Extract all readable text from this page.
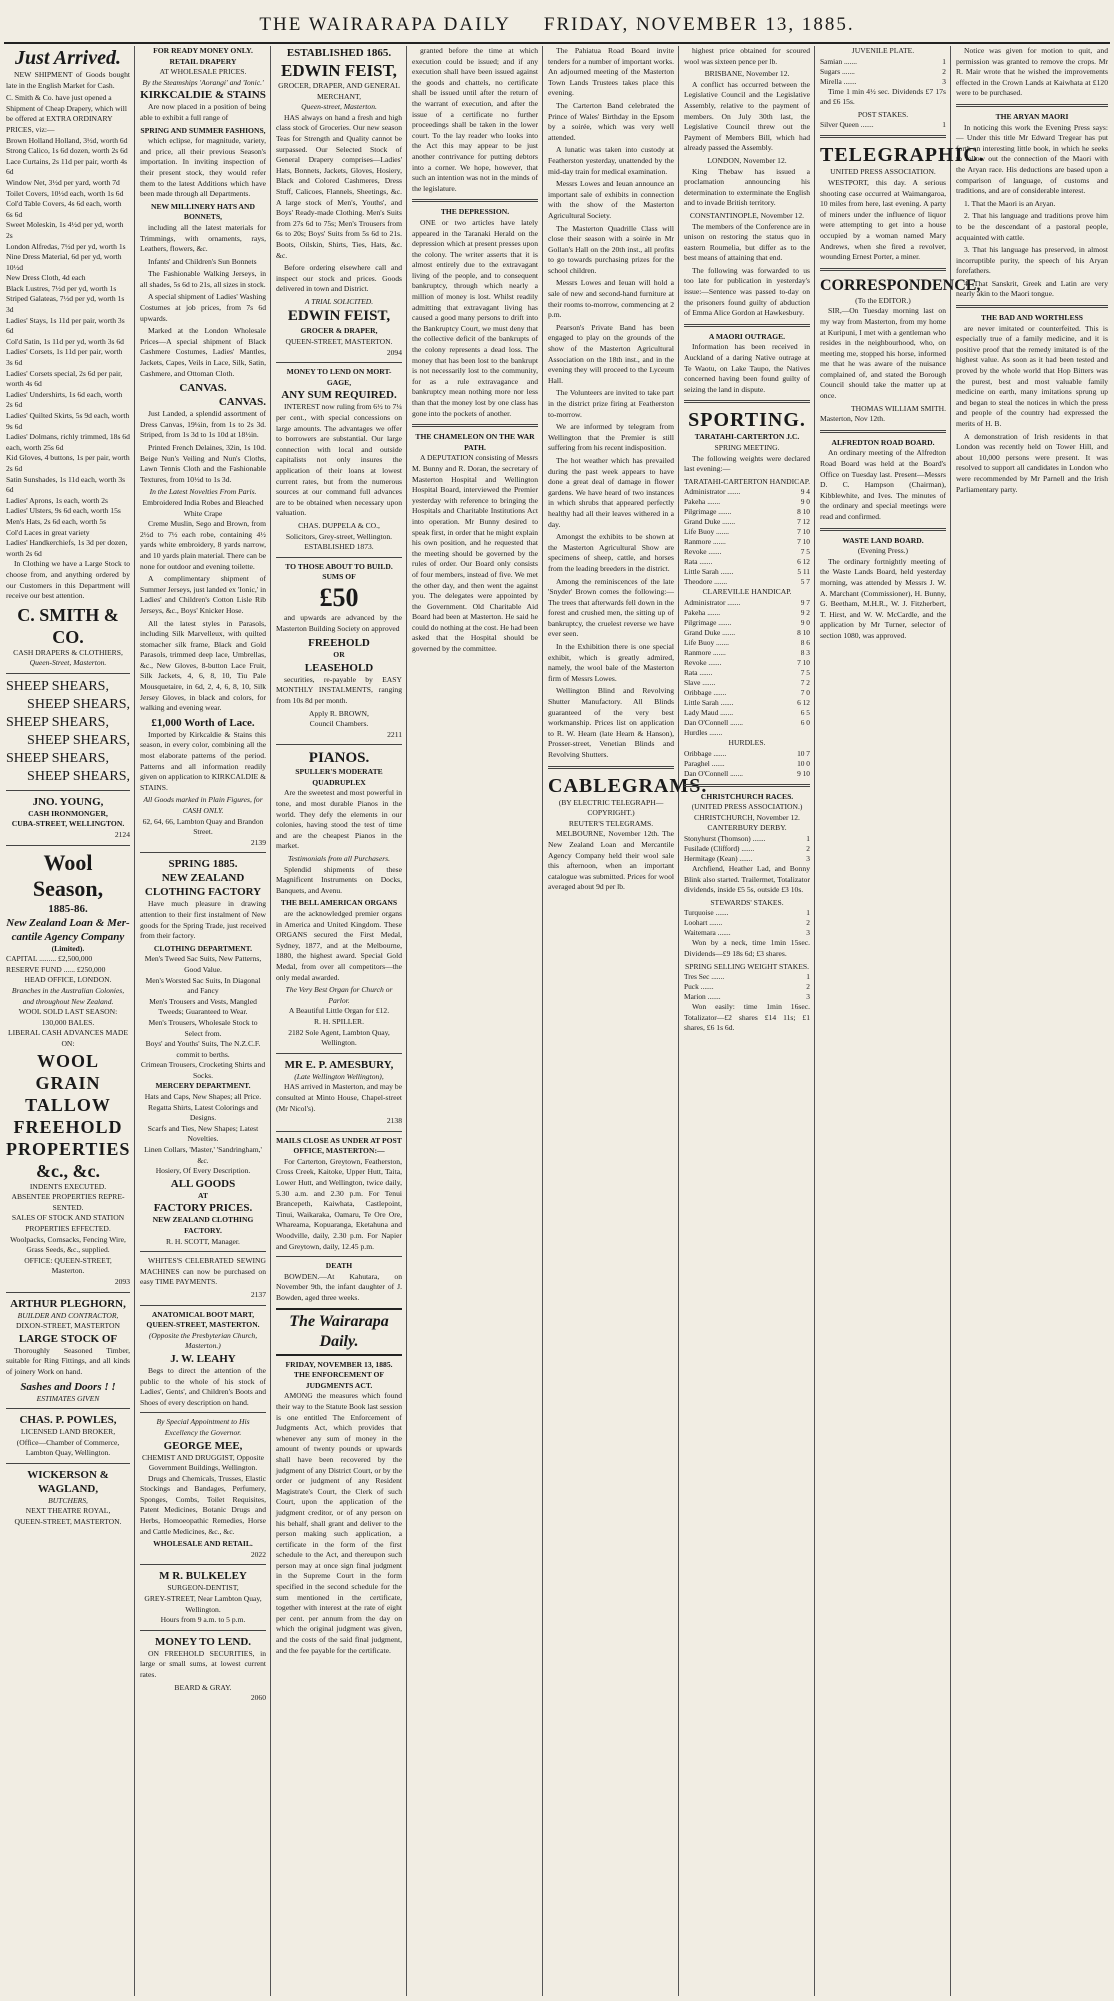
THE WAIRARAPA DAILY FRIDAY, NOVEMBER 13, 1885.
Just Arrived.
NEW SHIPMENT of Goods bought late in the English Market for Cash.
C. Smith & Co. have just opened a Shipment of Cheap Drapery, which will be offered at EXTRA ORDINARY PRICES, viz:—
Brown Holland Holland, 3½d, worth 6d
Strong Calico, 1s 6d dozen, worth 2s 6d
Lace Curtains, 2s 11d per pair, worth 4s 6d
Window Net, 3½d per yard, worth 7d
Toilet Covers, 10½d each, worth 1s 6d
Col'd Table Covers, 4s 6d each, worth 6s 6d
Sweet Moleskin, 1s 4½d per yd, worth 2s
London Alfredas, 7½d per yd, worth 1s
Nine Dress Material, 6d per yd, worth 10½d
New Dress Cloth, 4d each
Black Lustres, 7½d per yd, worth 1s
Striped Galateas, 7½d per yd, worth 1s 3d
Ladies' Stays, 1s 11d per pair, worth 3s 6d
Col'd Satin, 1s 11d per yd, worth 3s 6d
Ladies' Corsets, 1s 11d per pair, worth 3s 6d
Ladies' Corsets special, 2s 6d per pair, worth 4s 6d
Ladies' Undershirts, 1s 6d each, worth 2s 6d
Ladies' Quilted Skirts, 5s 9d each, worth 9s 6d
Ladies' Dolmans, richly trimmed, 18s 6d each, worth 25s 6d
Kid Gloves, 4 buttons, 1s per pair, worth 2s 6d
Satin Sunshades, 1s 11d each, worth 3s 6d
Ladies' Aprons, 1s each, worth 2s
Ladies' Ulsters, 9s 6d each, worth 15s
Men's Hats, 2s 6d each, worth 5s
Col'd Laces in great variety
Ladies' Handkerchiefs, 1s 3d per dozen, worth 2s 6d
In Clothing we have a Large Stock to choose from, and anything ordered by our Customers in this Department will receive our best attention.
C. SMITH & CO.
CASH DRAPERS & CLOTHIERS,
Queen-Street, Masterton.
SHEEP SHEARS,
SHEEP SHEARS,
SHEEP SHEARS,
SHEEP SHEARS,
SHEEP SHEARS,
SHEEP SHEARS,
JNO. YOUNG,
CASH IRONMONGER,
CUBA-STREET, WELLINGTON.
2124
Wool Season,
1885-86.
New Zealand Loan & Mer-
cantile Agency Company
(Limited).
CAPITAL ......... £2,500,000
RESERVE FUND ...... £250,000
HEAD OFFICE, LONDON.
Branches in the Australian Colonies, and throughout New Zealand.
WOOL SOLD LAST SEASON: 130,000 BALES.
LIBERAL CASH ADVANCES MADE ON:
WOOL
GRAIN
TALLOW
FREEHOLD
PROPERTIES
&c., &c.
INDENTS EXECUTED.
ABSENTEE PROPERTIES REPRE-SENTED.
SALES OF STOCK AND STATION PROPERTIES EFFECTED.
Woolpacks, Cornsacks, Fencing Wire, Grass Seeds, &c., supplied.
OFFICE: QUEEN-STREET,
Masterton.
2093
ARTHUR PLEGHORN,
BUILDER AND CONTRACTOR,
DIXON-STREET, MASTERTON
LARGE STOCK OF
Thoroughly Seasoned Timber, suitable for Ring Fittings, and all kinds of joinery Work on hand.
Sashes and Doors ! !
ESTIMATES GIVEN
CHAS. P. POWLES,
LICENSED LAND BROKER,
(Office—Chamber of Commerce, Lambton Quay, Wellington.
WICKERSON & WAGLAND,
BUTCHERS,
NEXT THEATRE ROYAL,
QUEEN-STREET, MASTERTON.
FOR READY MONEY ONLY.
RETAIL DRAPERY
AT WHOLESALE PRICES.
By the Steamships 'Aorangi' and 'Ionic.'
KIRKCALDIE & STAINS
Are now placed in a position of being able to exhibit a full range of
SPRING AND SUMMER FASHIONS,
which eclipse, for magnitude, variety, and price, all their previous Season's importation. In inviting inspection of their present stock, they would refer them to the latest Additions which have been made through all Departments.
NEW MILLINERY HATS AND BONNETS,
including all the latest materials for Trimmings, with ornaments, rays, Leathers, flowers, &c.
Infants' and Children's Sun Bonnets
The Fashionable Walking Jerseys, in all shades, 5s 6d to 21s, all sizes in stock.
A special shipment of Ladies' Washing Costumes at job prices, from 7s 6d upwards.
Marked at the London Wholesale Prices—A special shipment of Black Cashmere Costumes, Ladies' Mantles, Jackets, Capes, Veils in Lace, Silk, Satin, Cashmere, and Ottoman Cloth.
CANVAS.
CANVAS.
Just Landed, a splendid assortment of Dress Canvas, 19¼in, from 1s to 2s 3d. Striped, from 1s 3d to 1s 10d at 18½in.
Printed French Delaines, 32in, 1s 10d. Beige Nun's Veiling and Nun's Cloths, Lawn Tennis Cloth and the Fashionable Textures, from 10½d to 1s 3d.
In the Latest Novelties From Paris.
Embroidered India Robes and Bleached White Crape
Creme Muslin, Sego and Brown, from 2½d to 7½ each robe, containing 4½ yards white embroidery, 8 yards narrow, and 10 yards plain material. There can be none for outdoor and evening toilette.
A complimentary shipment of Summer Jerseys, just landed ex 'Ionic,' in Ladies' and Children's Cotton Lisle Rib Jerseys, &c., Boys' Knicker Hose.
All the latest styles in Parasols, including Silk Marvelleux, with quilted stomacher silk frame, Black and Gold Parasols, trimmed deep lace, Umbrellas, &c., New Gloves, 8-button Lace Fruit, Silk Jackets, 4, 6, 8, 10, Tiu Pale Mousquetaire, in 6d, 2, 4, 6, 8, 10, Silk Jersey Gloves, in black and colors, for walking and evening wear.
£1,000 Worth of Lace.
Imported by Kirkcaldie & Stains this season, in every color, combining all the most elaborate patterns of the period. Patterns and all information readily given on application to KIRKCALDIE & STAINS.
All Goods marked in Plain Figures, for CASH ONLY.
62, 64, 66, Lambton Quay and Brandon Street.
2139
SPRING 1885.
NEW ZEALAND CLOTHING FACTORY
Have much pleasure in drawing attention to their first instalment of New goods for the Spring Trade, just received from their factory.
CLOTHING DEPARTMENT.
Men's Tweed Sac Suits, New Patterns, Good Value.
Men's Worsted Sac Suits, In Diagonal and Fancy
Men's Trousers and Vests, Mangled Tweeds; Guaranteed to Wear.
Men's Trousers, Wholesale Stock to Select from.
Boys' and Youths' Suits, The N.Z.C.F. commit to berths.
Crimean Trousers, Crocketing Shirts and Socks.
MERCERY DEPARTMENT.
Hats and Caps, New Shapes; all Price.
Regatta Shirts, Latest Colorings and Designs.
Scarfs and Ties, New Shapes; Latest Novelties.
Linen Collars, 'Master,' 'Sandringham,' &c.
Hosiery, Of Every Description.
ALL GOODS
AT
FACTORY PRICES.
NEW ZEALAND CLOTHING FACTORY.
R. H. SCOTT, Manager.
WHITES'S CELEBRATED SEWING MACHINES can now be purchased on easy TIME PAYMENTS.
2137
ANATOMICAL BOOT MART, QUEEN-STREET, MASTERTON.
(Opposite the Presbyterian Church, Masterton.)
J. W. LEAHY
Begs to direct the attention of the public to the whole of his stock of Ladies', Gents', and Children's Boots and Shoes of every description on hand.
By Special Appointment to His Excellency the Governor.
GEORGE MEE,
CHEMIST AND DRUGGIST, Opposite Government Buildings, Wellington.
Drugs and Chemicals, Trusses, Elastic Stockings and Bandages, Perfumery, Sponges, Combs, Toilet Requisites, Patent Medicines, Botanic Drugs and Herbs, Homoeopathic Remedies, Horse and Cattle Medicines, &c., &c.
WHOLESALE AND RETAIL.
2022
M R. BULKELEY
SURGEON-DENTIST,
GREY-STREET, Near Lambton Quay, Wellington.
Hours from 9 a.m. to 5 p.m.
MONEY TO LEND.
ON FREEHOLD SECURITIES, in large or small sums, at lowest current rates.
BEARD & GRAY.
2060
ESTABLISHED 1865.
EDWIN FEIST,
GROCER, DRAPER, AND GENERAL MERCHANT,
Queen-street, Masterton.
HAS always on hand a fresh and high class stock of Groceries. Our new season Teas for Strength and Quality cannot be surpassed. Our Selected Stock of General Drapery comprises—Ladies' Hats, Bonnets, Jackets, Gloves, Hosiery, Black and Colored Cashmeres, Dress Stuff, Calicoes, Flannels, Sheetings, &c. A large stock of Men's, Youths', and Boys' Ready-made Clothing. Men's Suits from 27s 6d to 75s; Men's Trousers from 6s to 20s; Boys' Suits from 5s 6d to 21s. Boots, Oilskin, Shirts, Ties, Hats, &c. &c.
Before ordering elsewhere call and inspect our stock and prices. Goods delivered in town and District.
A TRIAL SOLICITED.
EDWIN FEIST,
GROCER & DRAPER,
QUEEN-STREET, MASTERTON.
2094
MONEY TO LEND ON MORT-GAGE,
ANY SUM REQUIRED.
INTEREST now ruling from 6½ to 7¼ per cent., with special concessions on large amounts. The advantages we offer to borrowers are substantial. Our large connection with local and outside capitalists not only insures the application of their loans at lowest current rates, but from the numerous sources at our command full advances are to be obtained when necessary upon valuation.
CHAS. DUPPELA & CO.,
Solicitors, Grey-street, Wellington.
ESTABLISHED 1873.
TO THOSE ABOUT TO BUILD.
SUMS OF
£50
and upwards are advanced by the Masterton Building Society on approved
FREEHOLD
OR
LEASEHOLD
securities, re-payable by EASY MONTHLY INSTALMENTS, ranging from 10s 8d per month.
Apply R. BROWN,
Council Chambers.
2211
PIANOS.
SPULLER'S MODERATE QUADRUPLEX
Are the sweetest and most powerful in tone, and most durable Pianos in the world. They defy the elements in our colonies, having stood the test of time and are the cheapest Pianos in the market.
Testimonials from all Purchasers.
Splendid shipments of these Magnificent Instruments on Docks, Banquets, and Avenu.
THE BELL AMERICAN ORGANS
are the acknowledged premier organs in America and United Kingdom. These ORGANS secured the First Medal, Sydney, 1877, and at the Melbourne, 1880, the highest award. Special Gold Medal, from over all competitors—the only medal awarded.
The Very Best Organ for Church or Parlor.
A Beautiful Little Organ for £12.
R. H. SPILLER.
2182 Sole Agent, Lambton Quay, Wellington.
MR E. P. AMESBURY,
(Late Wellington Wellington),
HAS arrived in Masterton, and may be consulted at Minto House, Chapel-street (Mr Nicol's).
2138
MAILS CLOSE AS UNDER AT POST OFFICE, MASTERTON:—
For Carterton, Greytown, Featherston, Cross Creek, Kaitoke, Upper Hutt, Taita, Lower Hutt, and Wellington, twice daily, 5.30 a.m. and 2.30 p.m. For Tenui Brancepeth, Kaiwhata, Castlepoint, Tinui, Waikaraka, Oamaru, Te Ore Ore, Whareama, Kopuaranga, Eketahuna and Woodville, daily, 2.30 p.m. For Napier and Greytown, daily, 12.45 p.m.
DEATH
BOWDEN.—At Kahutara, on November 9th, the infant daughter of J. Bowden, aged three weeks.
The Wairarapa Daily.
FRIDAY, NOVEMBER 13, 1885.
THE ENFORCEMENT OF JUDGMENTS ACT.
AMONG the measures which found their way to the Statute Book last session is one entitled The Enforcement of Judgments Act, which provides that whenever any sum of money in the amount of twenty pounds or upwards shall have been recovered by the judgment of any District Court, or by the order or judgment of any Resident Magistrate's Court, the Clerk of such Court, upon the application of the judgment creditor, or of any person on his behalf, shall grant and deliver to the person making such application, a certificate in the form of the first schedule to the Act, and thereupon such person may at once sign final judgment in the Supreme Court in the form specified in the second schedule for the sum mentioned in the certificate, together with interest at the rate of eight per cent. per annum from the day on which the original judgment was given, and the costs of the said final judgment, and the fee payable for the certificate.
granted before the time at which execution could be issued; and if any execution shall have been issued against the goods and chattels, no certificate shall be issued until after the return of the warrant of execution, and after the issue of a certificate no further proceedings shall be taken in the lower court. To the lay reader who looks into the Act this may appear to be just another contrivance for putting debtors into a corner. We hope, however, that such an intention was not in the minds of the legislature.
THE DEPRESSION.
ONE or two articles have lately appeared in the Taranaki Herald on the depression which at present presses upon the colony. The writer asserts that it is almost entirely due to the extravagant living of the people, and to consequent bankruptcy, through which nearly a million of money is lost. Whilst readily admitting that extravagant living has caused a good many persons to drift into the Bankruptcy Court, we must deny that the collective deficit of the bankrupts of the colony represents a dead loss. The money that has been lost to the bankrupt is not necessarily lost to the community, for as a rule extravagance and bankruptcy mean nothing more nor less than that the money lost by one class has gone into the pockets of another.
THE CHAMELEON ON THE WAR PATH.
A DEPUTATION consisting of Messrs M. Bunny and R. Doran, the secretary of Masterton Hospital and Wellington Hospital Board, interviewed the Premier yesterday with reference to bringing the Hospitals and Charitable Institutions Act into operation. Mr Bunny desired to speak first, in order that he might explain his own position, and he requested that the meeting should be governed by the rules of order. Our Board only consists of four members, instead of five. We met the other day, and then went the against you. The delegates were appointed by the Government. Old Charitable Aid Board had been at Masterton. He said he could do nothing at the cost. He had been asked that the Hospital should be governed by the committee.
The Pahiatua Road Board invite tenders for a number of important works. An adjourned meeting of the Masterton Town Lands Trustees takes place this evening.
The Carterton Band celebrated the Prince of Wales' Birthday in the Epsom by a soirée, which was very well attended.
A lunatic was taken into custody at Featherston yesterday, unattended by the mid-day train for medical examination.
Messrs Lowes and Ieuan announce an important sale of exhibits in connection with the show of the Masterton Agricultural Society.
The Masterton Quadrille Class will close their season with a soirée in Mr Gollan's Hall on the 20th inst., all profits to go towards purchasing prizes for the school children.
Messrs Lowes and Ieuan will hold a sale of new and second-hand furniture at their rooms to-morrow, commencing at 2 p.m.
Pearson's Private Band has been engaged to play on the grounds of the show of the Masterton Agricultural Association on the 18th inst., and in the evening they will proceed to the Lyceum Hall.
The Volunteers are invited to take part in the district prize firing at Featherston to-morrow.
We are informed by telegram from Wellington that the Premier is still suffering from his recent indisposition.
The hot weather which has prevailed during the past week appears to have done a great deal of damage in flower gardens. We have heard of two instances in which shrubs that appeared perfectly healthy had all their leaves withered in a day.
Amongst the exhibits to be shown at the Masterton Agricultural Show are specimens of sheep, cattle, and horses from the leading breeders in the district.
Among the reminiscences of the late 'Snyder' Brown comes the following:—The trees that afterwards fell down in the forest and crushed men, the sitting up of bankruptcy, the cruelest reverse we have ever seen.
In the Exhibition there is one special exhibit, which is greatly admired, namely, the wool bale of the Masterton firm of Messrs Lowes.
Wellington Blind and Revolving Shutter Manufactory. All Blinds guaranteed of the very best workmanship. Prices list on application to R. W. Hearn (late Hearn & Hanson), Prosser-street, Venetian Blinds and Revolving Shutters.
CABLEGRAMS.
(BY ELECTRIC TELEGRAPH—COPYRIGHT.)
REUTER'S TELEGRAMS.
MELBOURNE, November 12th. The New Zealand Loan and Mercantile Agency Company held their wool sale this afternoon, when an important catalogue was submitted. Prices for wool averaged about 9d per lb.
highest price obtained for scoured wool was sixteen pence per lb.
BRISBANE, November 12.
A conflict has occurred between the Legislative Council and the Legislative Assembly, relative to the payment of members. On July 30th last, the Legislative Council threw out the Payment of Members Bill, which had already passed the Assembly.
LONDON, November 12.
King Thebaw has issued a proclamation announcing his determination to exterminate the English and to invade British territory.
CONSTANTINOPLE, November 12.
The members of the Conference are in unison on restoring the status quo in eastern Roumelia, but differ as to the best means of attaining that end.
The following was forwarded to us too late for publication in yesterday's issue:—Sentence was passed to-day on the prisoners found guilty of abduction of Emma Alice Gordon at Hawkesbury.
A MAORI OUTRAGE.
Information has been received in Auckland of a daring Native outrage at Te Waotu, on Lake Taupo, the Natives concerned having been found guilty of seizing the land in dispute.
SPORTING.
TARATAHI-CARTERTON J.C.
SPRING MEETING.
The following weights were declared last evening:—
TARATAHI-CARTERTON HANDICAP.
Administrator .......	9 4
Pakeha .......	9 0
Pilgrimage .......	8 10
Grand Duke .......	7 12
Life Buoy .......	7 10
Ranmore .......	7 10
Revoke .......	7 5
Rata .......	6 12
Little Sarah .......	5 11
Theodore .......	5 7
CLAREVILLE HANDICAP.
Administrator .......	9 7
Pakeha .......	9 2
Pilgrimage .......	9 0
Grand Duke .......	8 10
Life Buoy .......	8 6
Ranmore .......	8 3
Revoke .......	7 10
Rata .......	7 5
Slave .......	7 2
Oribbage .......	7 0
Little Sarah .......	6 12
Lady Maud .......	6 5
Dan O'Connell .......	6 0
Hurdles .......	
HURDLES.
Oribbage .......	10 7
Paraghel .......	10 0
Dan O'Connell .......	9 10
CHRISTCHURCH RACES.
(UNITED PRESS ASSOCIATION.)
CHRISTCHURCH, November 12.
CANTERBURY DERBY.
Stonyhurst (Thomson) .......	1
Fusilade (Clifford) .......	2
Hermitage (Kean) .......	3
Archfiend, Heather Lad, and Bonny Blink also started. Trailermet, Totalizator dividends, inside £5 5s, outside £3 10s.
STEWARDS' STAKES.
Turquoise .......	1
Loohart .......	2
Waitemara .......	3
Won by a neck, time 1min 15sec. Dividends—£9 18s 6d; £3 shares.
SPRING SELLING WEIGHT STAKES.
Tres Sec .......	1
Puck .......	2
Marion .......	3
Won easily: time 1min 16sec. Totalizator—£2 shares £14 11s; £1 shares, £6 1s 6d.
JUVENILE PLATE.
Samian .......	1
Sugars .......	2
Mirella .......	3
Time 1 min 4½ sec. Dividends £7 17s and £6 15s.
POST STAKES.
Silver Queen .......	1
TELEGRAPHIC.
UNITED PRESS ASSOCIATION.
WESTPORT, this day. A serious shooting case occurred at Waimangaroa, 10 miles from here, last evening. A party of miners under the influence of liquor were attempting to get into a house occupied by a woman named Mary Andrews, when she fired a revolver, wounding Ernest Porter, a miner.
CORRESPONDENCE,
(To the EDITOR.)
SIR,—On Tuesday morning last on my way from Masterton, from my home at Kuripuni, I met with a gentleman who resides in the neighbourhood, who, on meeting me, stopped his horse, informed me that he was aware of the nuisance complained of, and stated the Borough Council should take the matter up at once.
THOMAS WILLIAM SMITH.
Masterton, Nov 12th.
ALFREDTON ROAD BOARD.
An ordinary meeting of the Alfredton Road Board was held at the Board's Office on Tuesday last. Present—Messrs D. C. Hampson (Chairman), Kibblewhite, and Ives. The minutes of the ordinary and special meetings were read and confirmed.
WASTE LAND BOARD.
(Evening Press.)
The ordinary fortnightly meeting of the Waste Lands Board, held yesterday morning, was attended by Messrs J. W. A. Marchant (Commissioner), H. Bunny, G. Beetham, M.H.R., W. J. Fitzherbert, T. Hirst, and W. W. McCardle, and the application by Mr Turner, selector of section 1080, was approved.
Notice was given for motion to quit, and permission was granted to remove the crops. Mr R. Mair wrote that he wished the improvements effected in the Crown Lands at Kaiwhata at £120 were to be purchased.
THE ARYAN MAORI
In noticing this work the Evening Press says:— Under this title Mr Edward Tregear has put forth an interesting little book, in which he seeks to follow out the connection of the Maori with the Aryan race. His deductions are based upon a comparison of language, of customs and traditions, and are of considerable interest.
1. That the Maori is an Aryan.
2. That his language and traditions prove him to be the descendant of a pastoral people, acquainted with cattle.
3. That his language has preserved, in almost incorruptible purity, the speech of his Aryan forefathers.
4. That Sanskrit, Greek and Latin are very nearly akin to the Maori tongue.
THE BAD AND WORTHLESS
are never imitated or counterfeited. This is especially true of a family medicine, and it is positive proof that the remedy imitated is of the highest value. As soon as it had been tested and proved by the whole world that Hop Bitters was the purest, best and most valuable family medicine on earth, many imitations sprung up and began to steal the notices in which the press and people of the country had expressed the merits of H. B.
A demonstration of Irish residents in that London was recently held on Tower Hill, and about 10,000 persons were present. It was resolved to support all candidates in London who were recommended by Mr Parnell and the Irish Parliamentary party.
